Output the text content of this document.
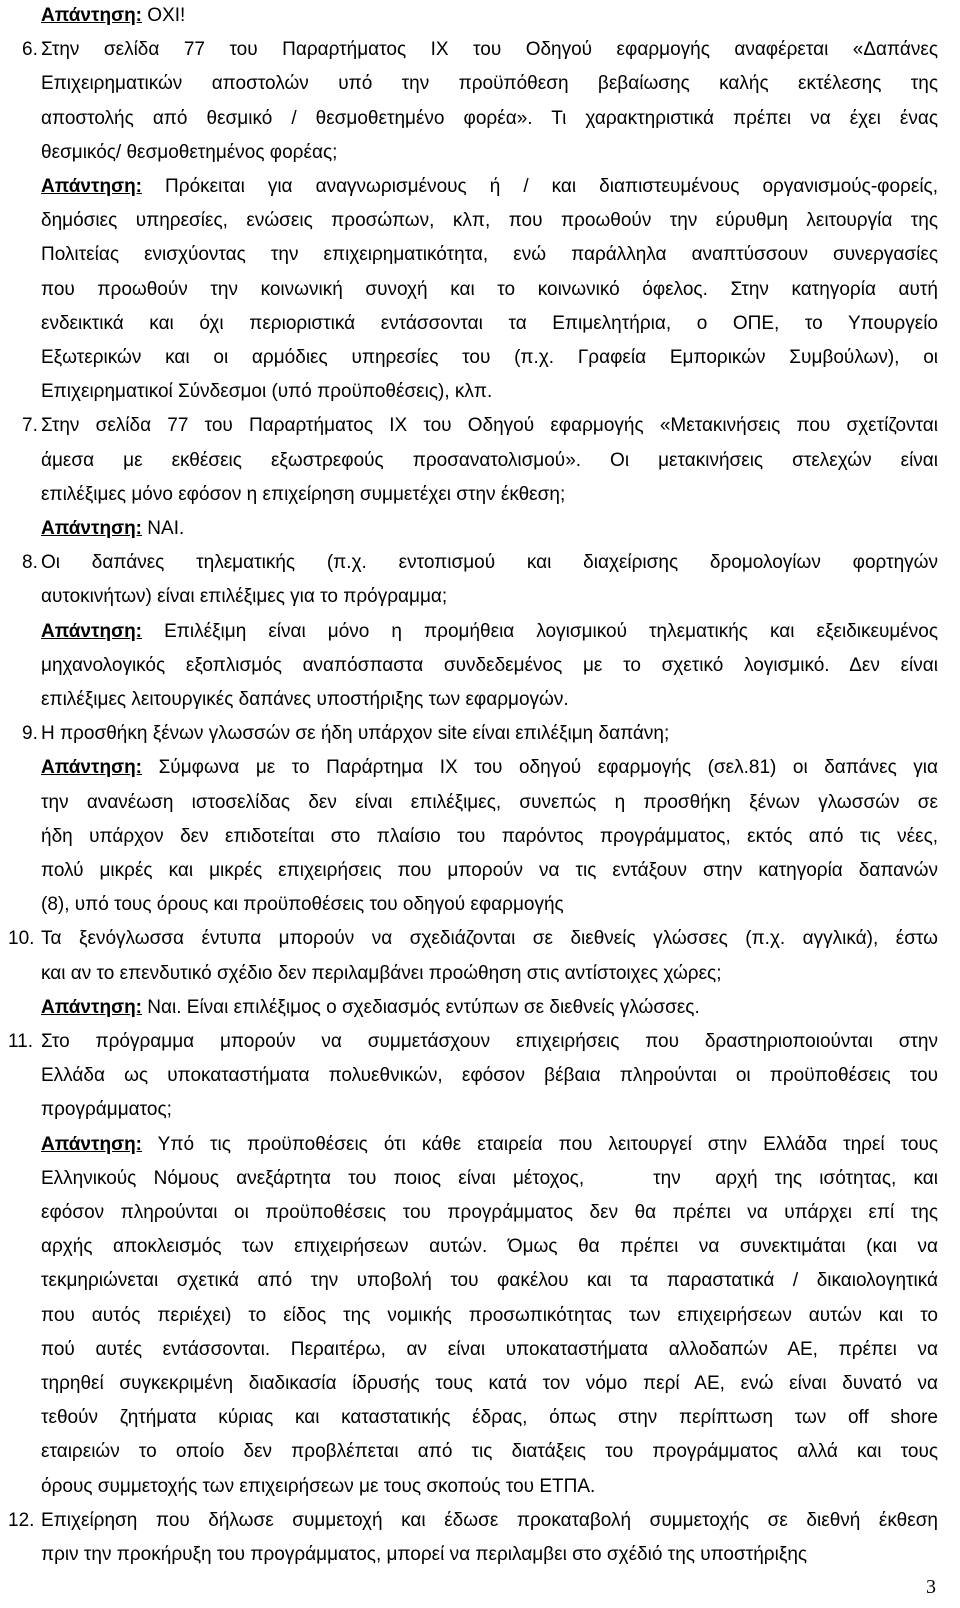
Απάντηση: ΟΧΙ!
6. Στην σελίδα 77 του Παραρτήματος ΙΧ του Οδηγού εφαρμογής αναφέρεται «Δαπάνες
Επιχειρηματικών αποστολών υπό την προϋπόθεση βεβαίωσης καλής εκτέλεσης της
αποστολής από θεσμικό / θεσμοθετημένο φορέα». Τι χαρακτηριστικά πρέπει να έχει ένας
θεσμικός/ θεσμοθετημένος φορέας;
Απάντηση: Πρόκειται για αναγνωρισμένους ή / και διαπιστευμένους οργανισμούς-φορείς,
δημόσιες υπηρεσίες, ενώσεις προσώπων, κλπ, που προωθούν την εύρυθμη λειτουργία της
Πολιτείας ενισχύοντας την επιχειρηματικότητα, ενώ παράλληλα αναπτύσσουν συνεργασίες
που προωθούν την κοινωνική συνοχή και το κοινωνικό όφελος. Στην κατηγορία αυτή
ενδεικτικά και όχι περιοριστικά εντάσσονται τα Επιμελητήρια, ο ΟΠΕ, το Υπουργείο
Εξωτερικών και οι αρμόδιες υπηρεσίες του (π.χ. Γραφεία Εμπορικών Συμβούλων), οι
Επιχειρηματικοί Σύνδεσμοι (υπό προϋποθέσεις), κλπ.
7. Στην σελίδα 77 του Παραρτήματος ΙΧ του Οδηγού εφαρμογής «Μετακινήσεις που σχετίζονται
άμεσα με εκθέσεις εξωστρεφούς προσανατολισμού». Οι μετακινήσεις στελεχών είναι
επιλέξιμες μόνο εφόσον η επιχείρηση συμμετέχει στην έκθεση;
Απάντηση: ΝΑΙ.
8. Οι δαπάνες τηλεματικής (π.χ. εντοπισμού και διαχείρισης δρομολογίων φορτηγών
αυτοκινήτων) είναι επιλέξιμες για το πρόγραμμα;
Απάντηση: Επιλέξιμη είναι μόνο η προμήθεια λογισμικού τηλεματικής και εξειδικευμένος
μηχανολογικός εξοπλισμός αναπόσπαστα συνδεδεμένος με το σχετικό λογισμικό. Δεν είναι
επιλέξιμες λειτουργικές δαπάνες υποστήριξης των εφαρμογών.
9. Η προσθήκη ξένων γλωσσών σε ήδη υπάρχον site είναι επιλέξιμη δαπάνη;
Απάντηση: Σύμφωνα με το Παράρτημα ΙΧ του οδηγού εφαρμογής (σελ.81) οι δαπάνες για
την ανανέωση ιστοσελίδας δεν είναι επιλέξιμες, συνεπώς η προσθήκη ξένων γλωσσών σε
ήδη υπάρχον δεν επιδοτείται στο πλαίσιο του παρόντος προγράμματος, εκτός από τις νέες,
πολύ μικρές και μικρές επιχειρήσεις που μπορούν να τις εντάξουν στην κατηγορία δαπανών
(8), υπό τους όρους και προϋποθέσεις του οδηγού εφαρμογής
10. Τα ξενόγλωσσα έντυπα μπορούν να σχεδιάζονται σε διεθνείς γλώσσες (π.χ. αγγλικά), έστω
και αν το επενδυτικό σχέδιο δεν περιλαμβάνει προώθηση στις αντίστοιχες χώρες;
Απάντηση: Ναι. Είναι επιλέξιμος ο σχεδιασμός εντύπων σε διεθνείς γλώσσες.
11. Στο πρόγραμμα μπορούν να συμμετάσχουν επιχειρήσεις που δραστηριοποιούνται στην
Ελλάδα ως υποκαταστήματα πολυεθνικών, εφόσον βέβαια πληρούνται οι προϋποθέσεις του
προγράμματος;
Απάντηση: Υπό τις προϋποθέσεις ότι κάθε εταιρεία που λειτουργεί στην Ελλάδα τηρεί τους
Ελληνικούς Νόμους ανεξάρτητα του ποιος είναι μέτοχος,    την  αρχή της ισότητας, και
εφόσον πληρούνται οι προϋποθέσεις του προγράμματος δεν θα πρέπει να υπάρχει επί της
αρχής αποκλεισμός των επιχειρήσεων αυτών. Όμως θα πρέπει να συνεκτιμάται (και να
τεκμηριώνεται σχετικά από την υποβολή του φακέλου και τα παραστατικά / δικαιολογητικά
που αυτός περιέχει) το είδος της νομικής προσωπικότητας των επιχειρήσεων αυτών και το
πού αυτές εντάσσονται. Περαιτέρω, αν είναι υποκαταστήματα αλλοδαπών ΑΕ, πρέπει να
τηρηθεί συγκεκριμένη διαδικασία ίδρυσής τους κατά τον νόμο περί ΑΕ, ενώ είναι δυνατό να
τεθούν ζητήματα κύριας και καταστατικής έδρας, όπως στην περίπτωση των off shore
εταιρειών το οποίο δεν προβλέπεται από τις διατάξεις του προγράμματος αλλά και τους
όρους συμμετοχής των επιχειρήσεων με τους σκοπούς του ΕΤΠΑ.
12. Επιχείρηση που δήλωσε συμμετοχή και έδωσε προκαταβολή συμμετοχής σε διεθνή έκθεση
πριν την προκήρυξη του προγράμματος, μπορεί να περιλαμβει στο σχέδιό της υποστήριξης
3
